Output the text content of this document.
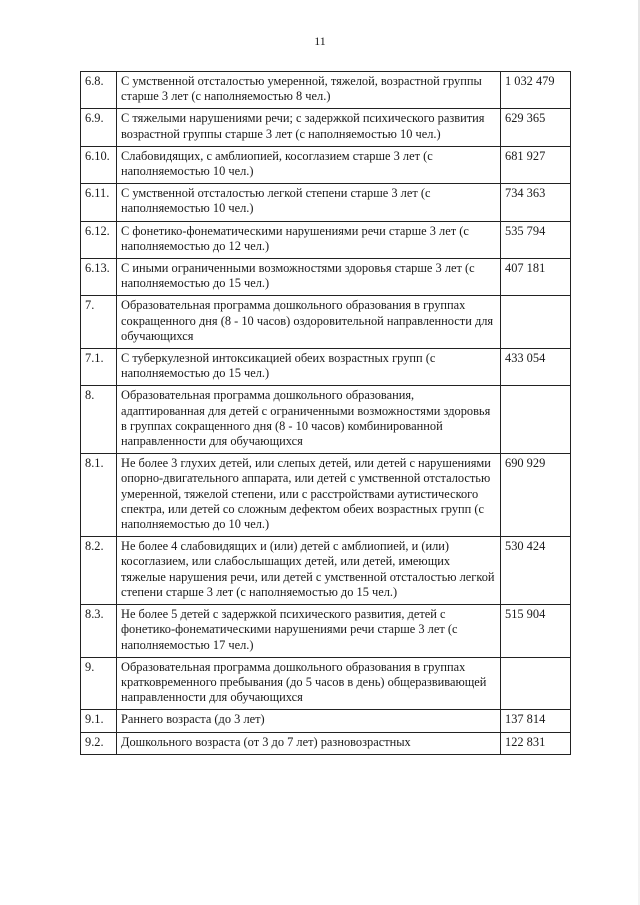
11
6.8.	С умственной отсталостью умеренной, тяжелой, возрастной группы старше 3 лет (с наполняемостью 8 чел.)	1 032 479
6.9.	С тяжелыми нарушениями речи; с задержкой психического развития возрастной группы старше 3 лет (с наполняемостью 10 чел.)	629 365
6.10.	Слабовидящих, с амблиопией, косоглазием старше 3 лет (с наполняемостью 10 чел.)	681 927
6.11.	С умственной отсталостью легкой степени старше 3 лет (с наполняемостью 10 чел.)	734 363
6.12.	С фонетико-фонематическими нарушениями речи старше 3 лет (с наполняемостью до 12 чел.)	535 794
6.13.	С иными ограниченными возможностями здоровья старше 3 лет (с наполняемостью до 15 чел.)	407 181
7.	Образовательная программа дошкольного образования в группах сокращенного дня (8 - 10 часов) оздоровительной направленности для обучающихся	
7.1.	С туберкулезной интоксикацией обеих возрастных групп (с наполняемостью до 15 чел.)	433 054
8.	Образовательная программа дошкольного образования, адаптированная для детей с ограниченными возможностями здоровья в группах сокращенного дня (8 - 10 часов) комбинированной направленности для обучающихся	
8.1.	Не более 3 глухих детей, или слепых детей, или детей с нарушениями опорно-двигательного аппарата, или детей с умственной отсталостью умеренной, тяжелой степени, или с расстройствами аутистического спектра, или детей со сложным дефектом обеих возрастных групп (с наполняемостью до 10 чел.)	690 929
8.2.	Не более 4 слабовидящих и (или) детей с амблиопией, и (или) косоглазием, или слабослышащих детей, или детей, имеющих тяжелые нарушения речи, или детей с умственной отсталостью легкой степени старше 3 лет (с наполняемостью до 15 чел.)	530 424
8.3.	Не более 5 детей с задержкой психического развития, детей с фонетико-фонематическими нарушениями речи старше 3 лет (с наполняемостью 17 чел.)	515 904
9.	Образовательная программа дошкольного образования в группах кратковременного пребывания (до 5 часов в день) общеразвивающей направленности для обучающихся	
9.1.	Раннего возраста (до 3 лет)	137 814
9.2.	Дошкольного возраста (от 3 до 7 лет) разновозрастных	122 831
